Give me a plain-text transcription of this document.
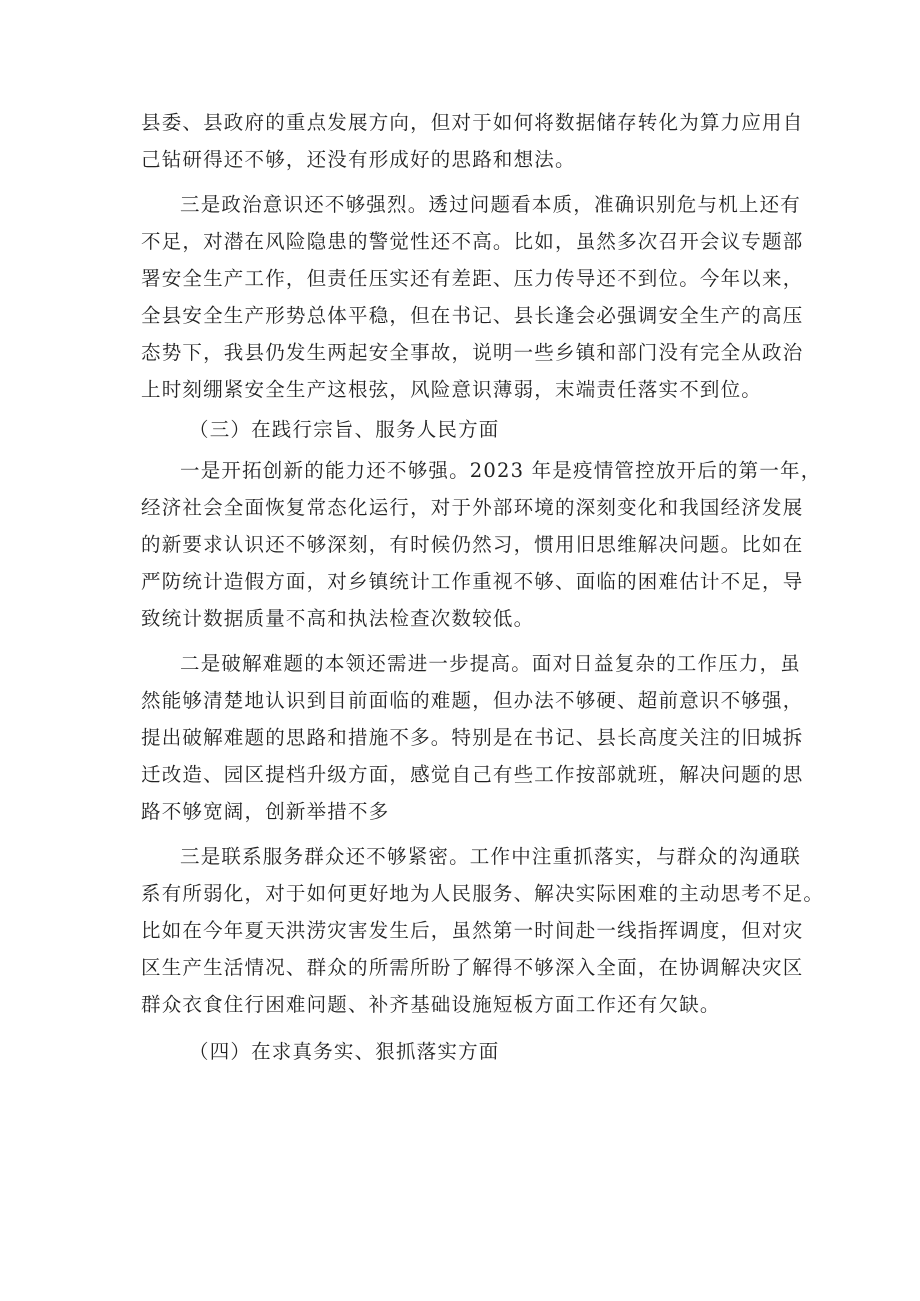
县委、县政府的重点发展方向，但对于如何将数据储存转化为算力应用自

己钻研得还不够，还没有形成好的思路和想法。

三是政治意识还不够强烈。透过问题看本质，准确识别危与机上还有

不足，对潜在风险隐患的警觉性还不高。比如，虽然多次召开会议专题部

署安全生产工作，但责任压实还有差距、压力传导还不到位。今年以来，

全县安全生产形势总体平稳，但在书记、县长逢会必强调安全生产的高压

态势下，我县仍发生两起安全事故，说明一些乡镇和部门没有完全从政治

上时刻绷紧安全生产这根弦，风险意识薄弱，末端责任落实不到位。

（三）在践行宗旨、服务人民方面

一是开拓创新的能力还不够强。2023 年是疫情管控放开后的第一年，

经济社会全面恢复常态化运行，对于外部环境的深刻变化和我国经济发展

的新要求认识还不够深刻，有时候仍然习，惯用旧思维解决问题。比如在

严防统计造假方面，对乡镇统计工作重视不够、面临的困难估计不足，导

致统计数据质量不高和执法检查次数较低。

二是破解难题的本领还需进一步提高。面对日益复杂的工作压力，虽

然能够清楚地认识到目前面临的难题，但办法不够硬、超前意识不够强，

提出破解难题的思路和措施不多。特别是在书记、县长高度关注的旧城拆

迁改造、园区提档升级方面，感觉自己有些工作按部就班，解决问题的思

路不够宽阔，创新举措不多

三是联系服务群众还不够紧密。工作中注重抓落实，与群众的沟通联

系有所弱化，对于如何更好地为人民服务、解决实际困难的主动思考不足。

比如在今年夏天洪涝灾害发生后，虽然第一时间赴一线指挥调度，但对灾

区生产生活情况、群众的所需所盼了解得不够深入全面，在协调解决灾区

群众衣食住行困难问题、补齐基础设施短板方面工作还有欠缺。

（四）在求真务实、狠抓落实方面
